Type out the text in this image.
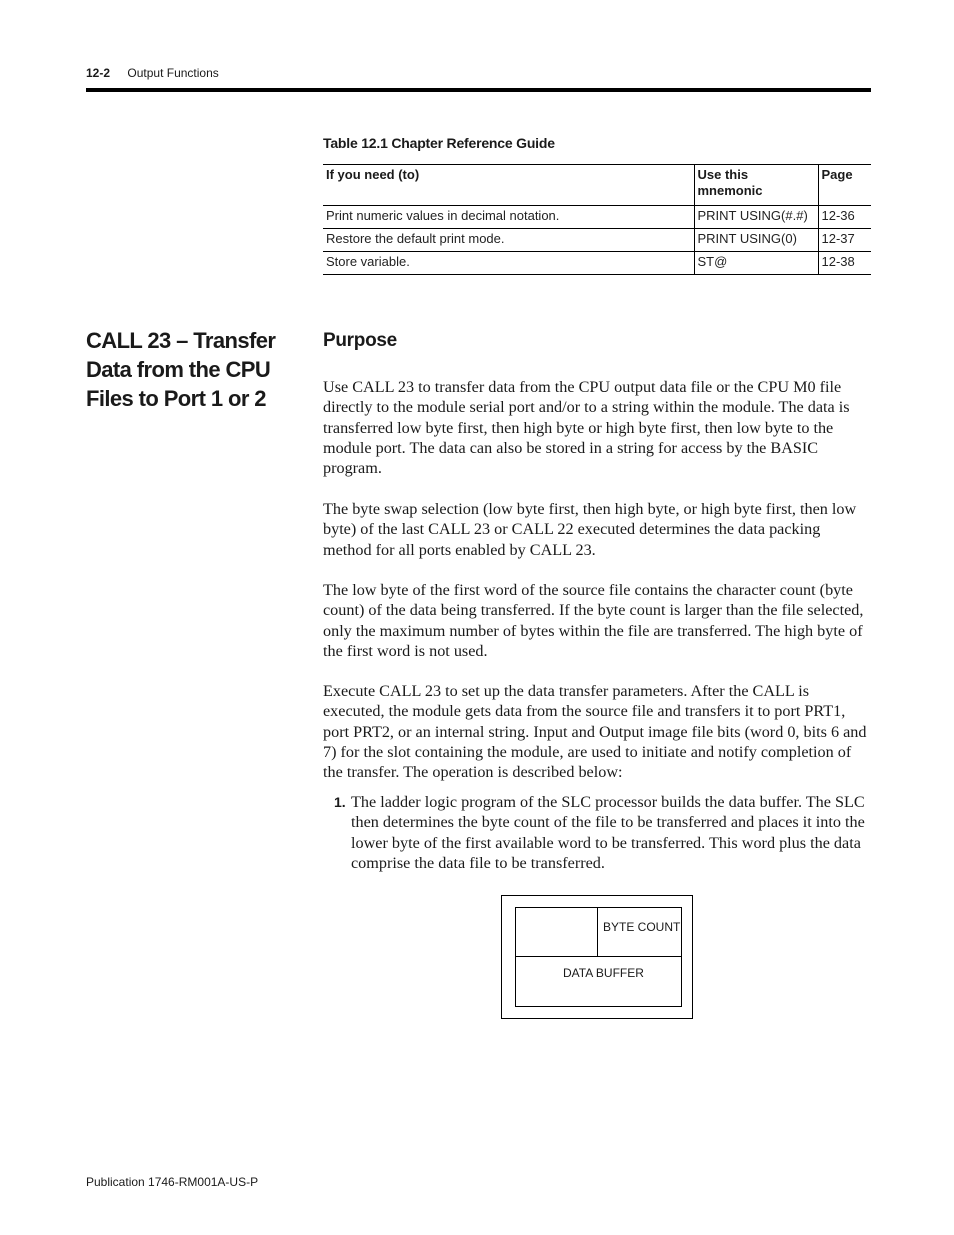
12-2 Output Functions
Table 12.1 Chapter Reference Guide
If you need (to)	Use this mnemonic	Page
Print numeric values in decimal notation.	PRINT USING(#.#)	12-36
Restore the default print mode.	PRINT USING(0)	12-37
Store variable.	ST@	12-38
CALL 23 – Transfer Data from the CPU Files to Port 1 or 2
Purpose

Use CALL 23 to transfer data from the CPU output data file or the CPU M0 file directly to the module serial port and/or to a string within the module. The data is transferred low byte first, then high byte or high byte first, then low byte to the module port. The data can also be stored in a string for access by the BASIC program.

The byte swap selection (low byte first, then high byte, or high byte first, then low byte) of the last CALL 23 or CALL 22 executed determines the data packing method for all ports enabled by CALL 23.

The low byte of the first word of the source file contains the character count (byte count) of the data being transferred. If the byte count is larger than the file selected, only the maximum number of bytes within the file are transferred. The high byte of the first word is not used.

Execute CALL 23 to set up the data transfer parameters. After the CALL is executed, the module gets data from the source file and transfers it to port PRT1, port PRT2, or an internal string. Input and Output image file bits (word 0, bits 6 and 7) for the slot containing the module, are used to initiate and notify completion of the transfer. The operation is described below:

1. The ladder logic program of the SLC processor builds the data buffer. The SLC then determines the byte count of the file to be transferred and places it into the lower byte of the first available word to be transferred. This word plus the data comprise the data file to be transferred.
BYTE COUNT
DATA BUFFER
Publication 1746-RM001A-US-P
